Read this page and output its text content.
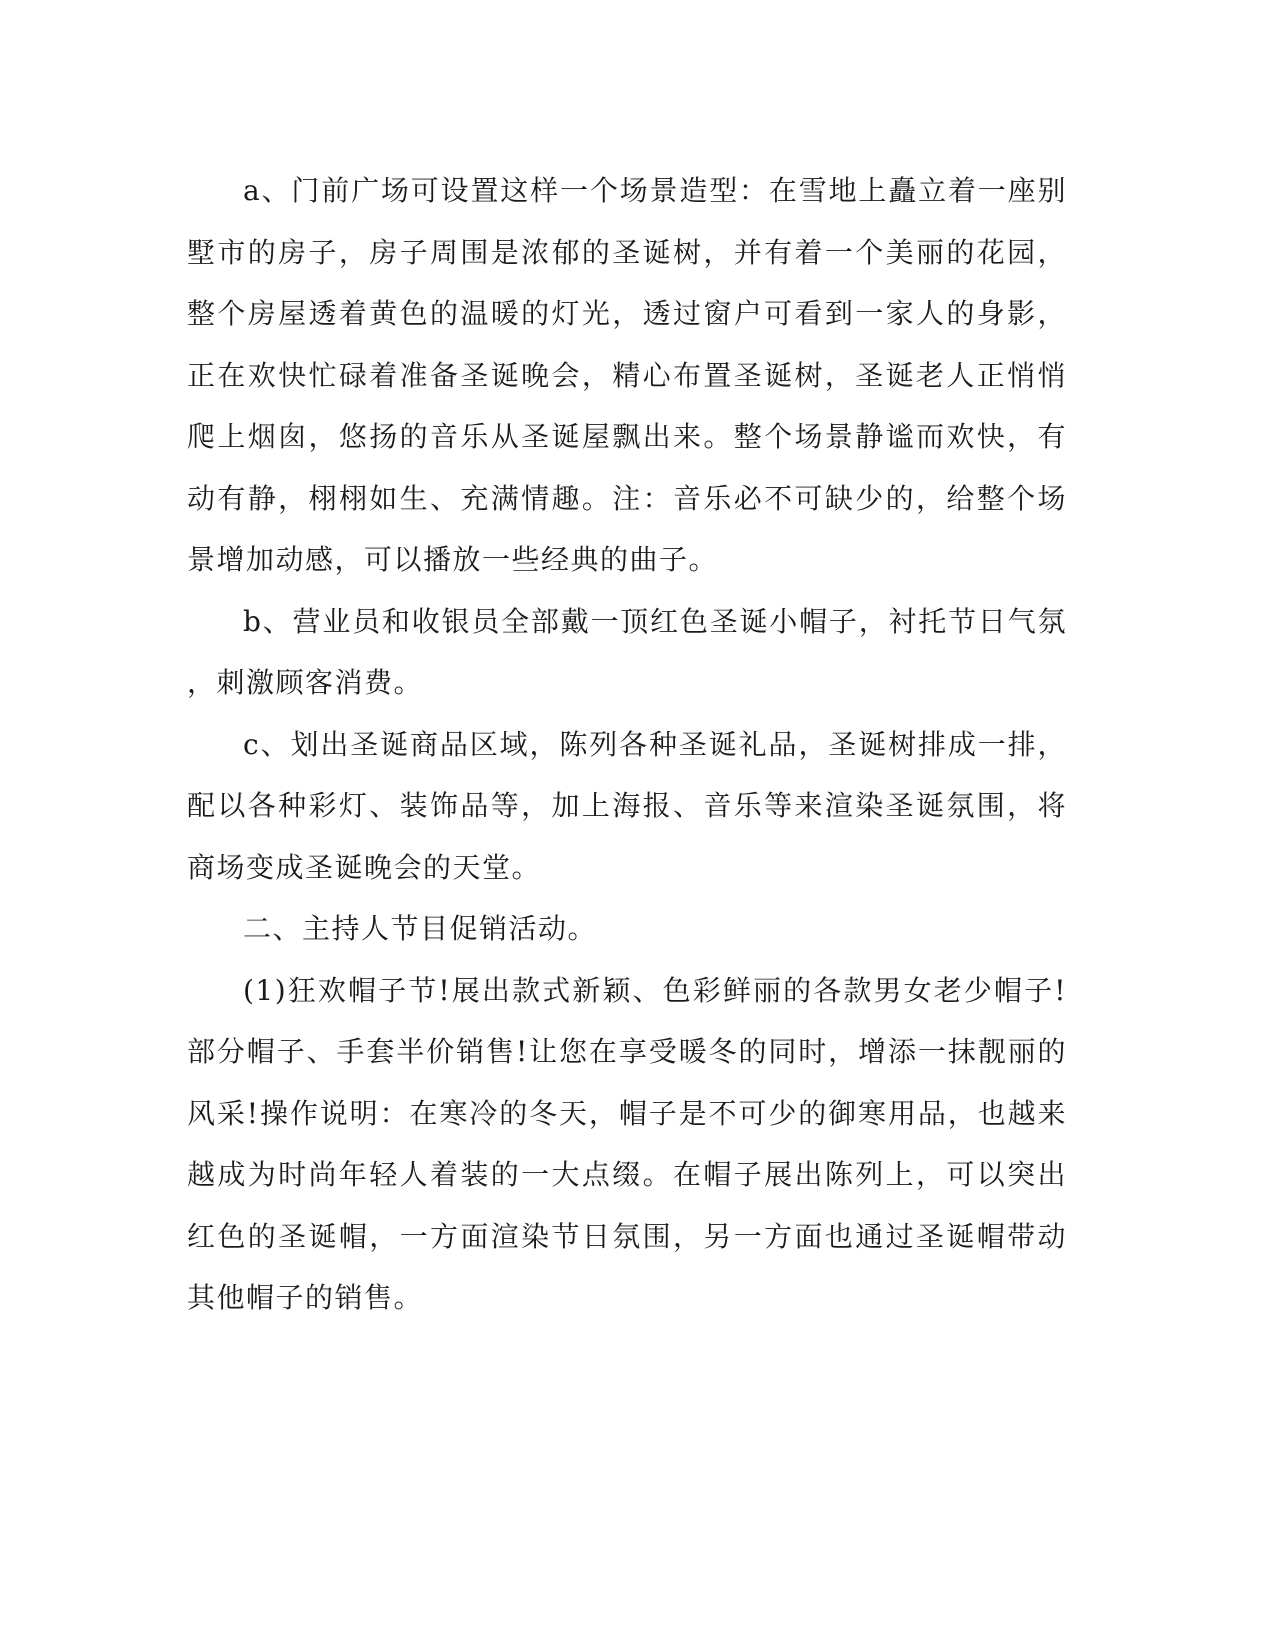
a、门前广场可设置这样一个场景造型：在雪地上矗立着一座别墅市的房子，房子周围是浓郁的圣诞树，并有着一个美丽的花园，整个房屋透着黄色的温暖的灯光，透过窗户可看到一家人的身影，正在欢快忙碌着准备圣诞晚会，精心布置圣诞树，圣诞老人正悄悄爬上烟囱，悠扬的音乐从圣诞屋飘出来。整个场景静谧而欢快，有动有静，栩栩如生、充满情趣。注：音乐必不可缺少的，给整个场景增加动感，可以播放一些经典的曲子。

b、营业员和收银员全部戴一顶红色圣诞小帽子，衬托节日气氛，刺激顾客消费。

c、划出圣诞商品区域，陈列各种圣诞礼品，圣诞树排成一排，配以各种彩灯、装饰品等，加上海报、音乐等来渲染圣诞氛围，将商场变成圣诞晚会的天堂。

二、主持人节目促销活动。

(1)狂欢帽子节!展出款式新颖、色彩鲜丽的各款男女老少帽子!部分帽子、手套半价销售!让您在享受暖冬的同时，增添一抹靓丽的风采!操作说明：在寒冷的冬天，帽子是不可少的御寒用品，也越来越成为时尚年轻人着装的一大点缀。在帽子展出陈列上，可以突出红色的圣诞帽，一方面渲染节日氛围，另一方面也通过圣诞帽带动其他帽子的销售。
